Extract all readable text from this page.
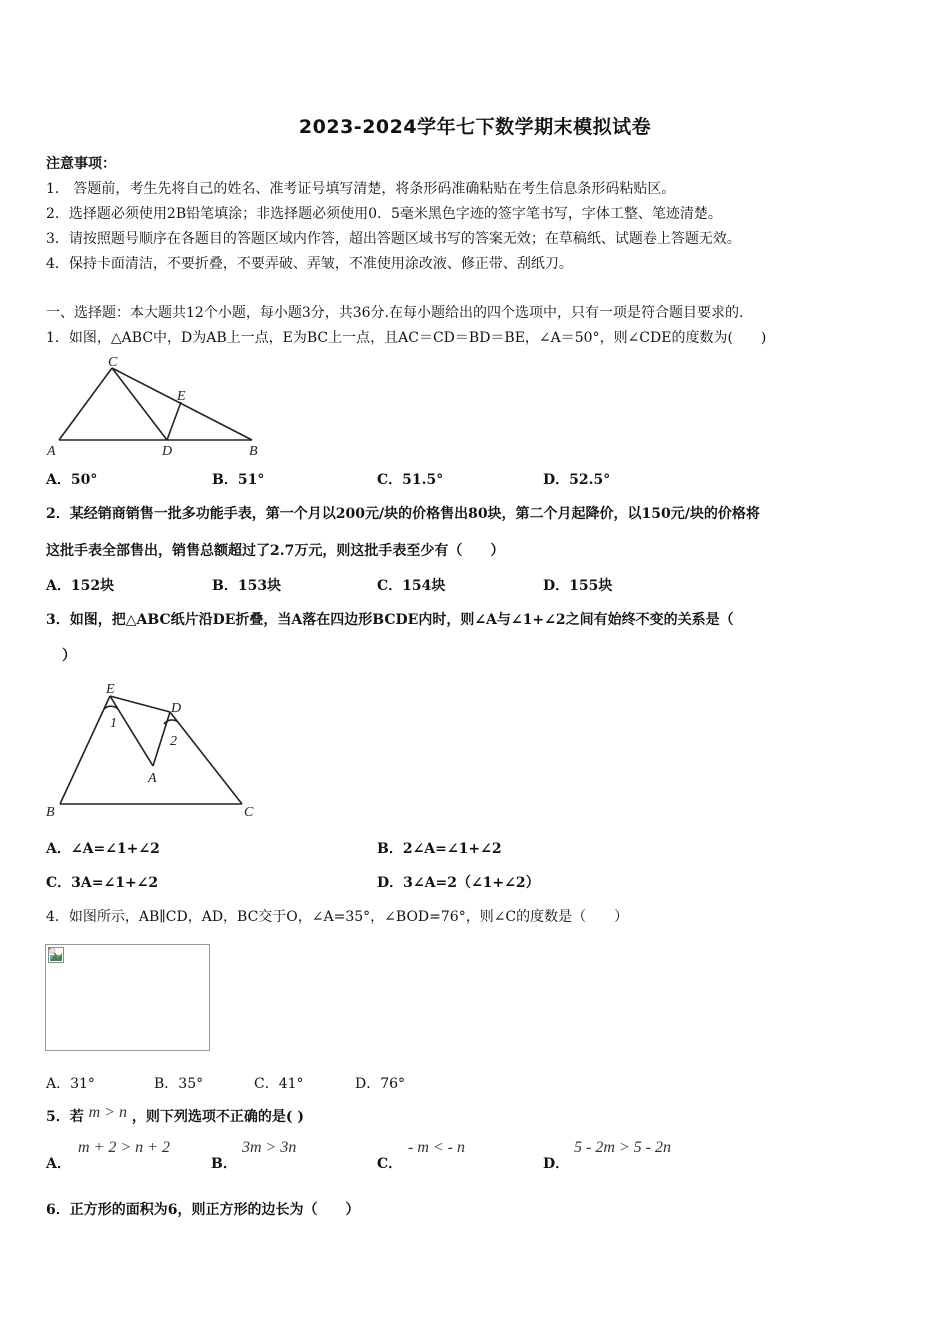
2023-2024学年七下数学期末模拟试卷
注意事项：
1． 答题前，考生先将自己的姓名、准考证号填写清楚，将条形码准确粘贴在考生信息条形码粘贴区。
2．选择题必须使用2B铅笔填涂；非选择题必须使用0．5毫米黑色字迹的签字笔书写，字体工整、笔迹清楚。
3．请按照题号顺序在各题目的答题区域内作答，超出答题区域书写的答案无效；在草稿纸、试题卷上答题无效。
4．保持卡面清洁，不要折叠，不要弄破、弄皱，不准使用涂改液、修正带、刮纸刀。
一、选择题：本大题共12个小题，每小题3分，共36分.在每小题给出的四个选项中，只有一项是符合题目要求的.
1．如图，△ABC中，D为AB上一点，E为BC上一点，且AC＝CD＝BD＝BE，∠A＝50°，则∠CDE的度数为(　　)
C
E
A	D	B
A．50°	B．51°	C．51.5°	D．52.5°
2．某经销商销售一批多功能手表，第一个月以200元/块的价格售出80块，第二个月起降价，以150元/块的价格将
这批手表全部售出，销售总额超过了2.7万元，则这批手表至少有（　　）
A．152块	B．153块	C．154块	D．155块
3．如图，把△ABC纸片沿DE折叠，当A落在四边形BCDE内时，则∠A与∠1+∠2之间有始终不变的关系是（
）
E
D
1
2
A
B	C
A．∠A=∠1+∠2	B．2∠A=∠1+∠2
C．3A=∠1+∠2	D．3∠A=2（∠1+∠2）
4．如图所示，AB∥CD，AD，BC交于O，∠A=35°，∠BOD=76°，则∠C的度数是（　　）
A．31°	B．35°	C．41°	D．76°
5．若 m > n ，则下列选项不正确的是( )
A．
m + 2 > n + 2
B．
3m > 3n
C．
- m < - n
D．
5 - 2m > 5 - 2n
6．正方形的面积为6，则正方形的边长为（　　）
